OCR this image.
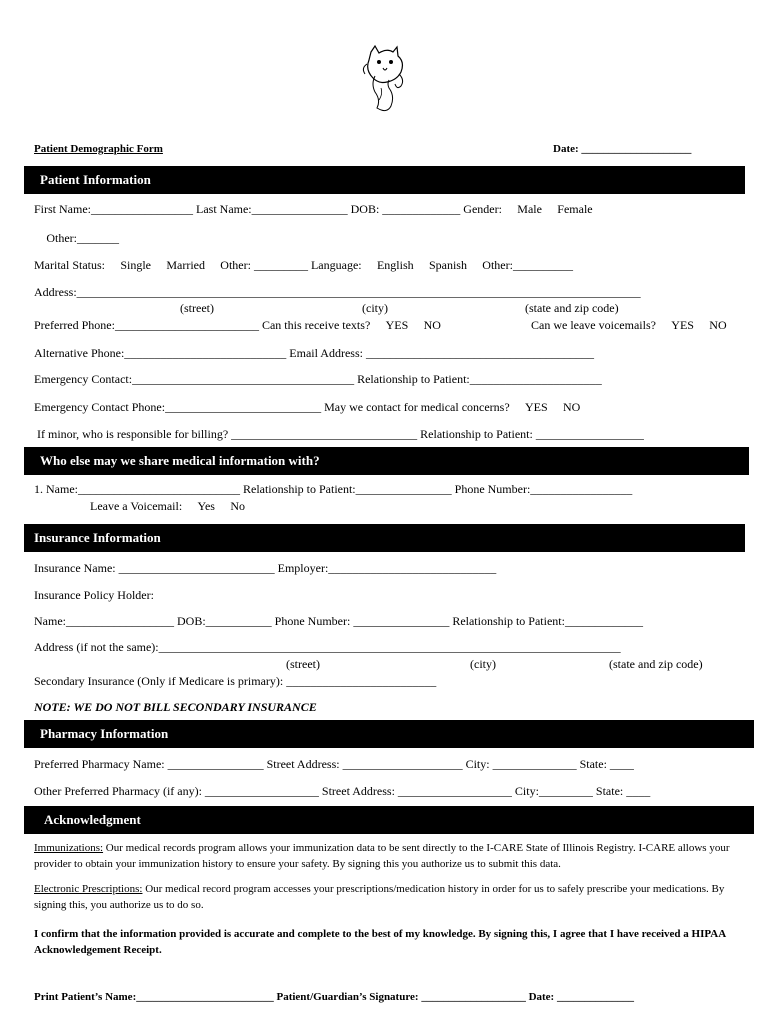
Patient Demographic Form	Date: ____________________
Patient Information
First Name:_________________ Last Name:________________ DOB: _____________ Gender:   Male   Female
Other:_______
Marital Status:   Single   Married   Other: _________ Language:   English   Spanish   Other:__________
Address:______________________________________________________________________________________________
(street)	(city)	(state and zip code)
Preferred Phone:________________________ Can this receive texts?   YES   NO	Can we leave voicemails?   YES   NO
Alternative Phone:___________________________ Email Address: ______________________________________
Emergency Contact:_____________________________________ Relationship to Patient:______________________
Emergency Contact Phone:__________________________ May we contact for medical concerns?   YES   NO
If minor, who is responsible for billing? _______________________________ Relationship to Patient: __________________
Who else may we share medical information with?
1. Name:___________________________ Relationship to Patient:________________ Phone Number:_________________
Leave a Voicemail:   Yes   No
Insurance Information
Insurance Name: __________________________ Employer:____________________________
Insurance Policy Holder:
Name:__________________ DOB:___________ Phone Number: ________________ Relationship to Patient:_____________
Address (if not the same):_____________________________________________________________________________
(street)	(city)	(state and zip code)
Secondary Insurance (Only if Medicare is primary): _________________________
NOTE: WE DO NOT BILL SECONDARY INSURANCE
Pharmacy Information
Preferred Pharmacy Name: ________________ Street Address: ____________________ City: ______________ State: ____
Other Preferred Pharmacy (if any): ___________________ Street Address: ___________________ City:_________ State: ____
Acknowledgment
Immunizations: Our medical records program allows your immunization data to be sent directly to the I-CARE State of Illinois Registry. I-CARE allows your provider to obtain your immunization history to ensure your safety. By signing this you authorize us to submit this data.
Electronic Prescriptions: Our medical record program accesses your prescriptions/medication history in order for us to safely prescribe your medications. By signing this, you authorize us to do so.
I confirm that the information provided is accurate and complete to the best of my knowledge. By signing this, I agree that I have received a HIPAA Acknowledgement Receipt.
Print Patient’s Name:_________________________ Patient/Guardian’s Signature: ___________________ Date: ______________
